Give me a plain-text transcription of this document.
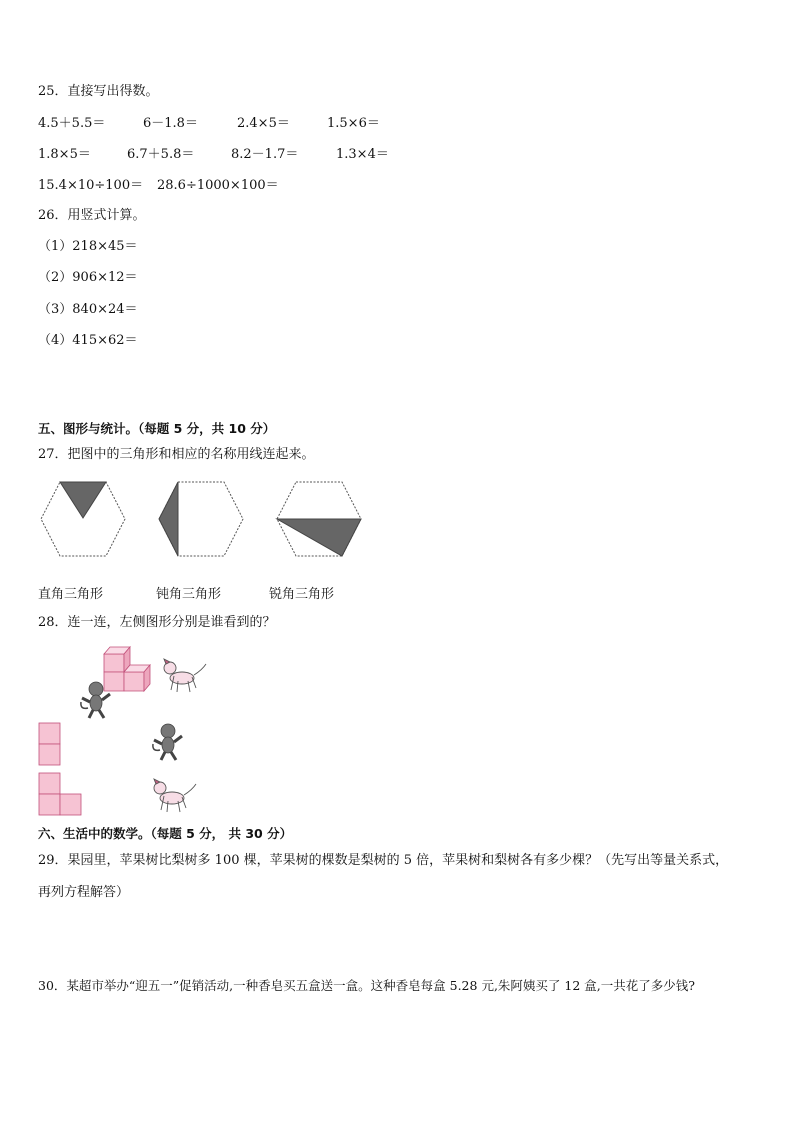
25．直接写出得数。
4.5＋5.5＝	6－1.8＝	2.4×5＝	1.5×6＝
1.8×5＝	6.7＋5.8＝	8.2－1.7＝	1.3×4＝
15.4×10÷100＝ 28.6÷1000×100＝
26．用竖式计算。
（1）218×45＝
（2）906×12＝
（3）840×24＝
（4）415×62＝
五、图形与统计。（每题 5 分，共 10 分）
27．把图中的三角形和相应的名称用线连起来。
直角三角形	钝角三角形	锐角三角形
28．连一连，左侧图形分别是谁看到的？
六、生活中的数学。（每题 5 分， 共 30 分）
29．果园里，苹果树比梨树多 100 棵，苹果树的棵数是梨树的 5 倍，苹果树和梨树各有多少棵？（先写出等量关系式，
再列方程解答）
30．某超市举办“迎五一”促销活动,一种香皂买五盒送一盒。这种香皂每盒 5.28 元,朱阿姨买了 12 盒,一共花了多少钱?
